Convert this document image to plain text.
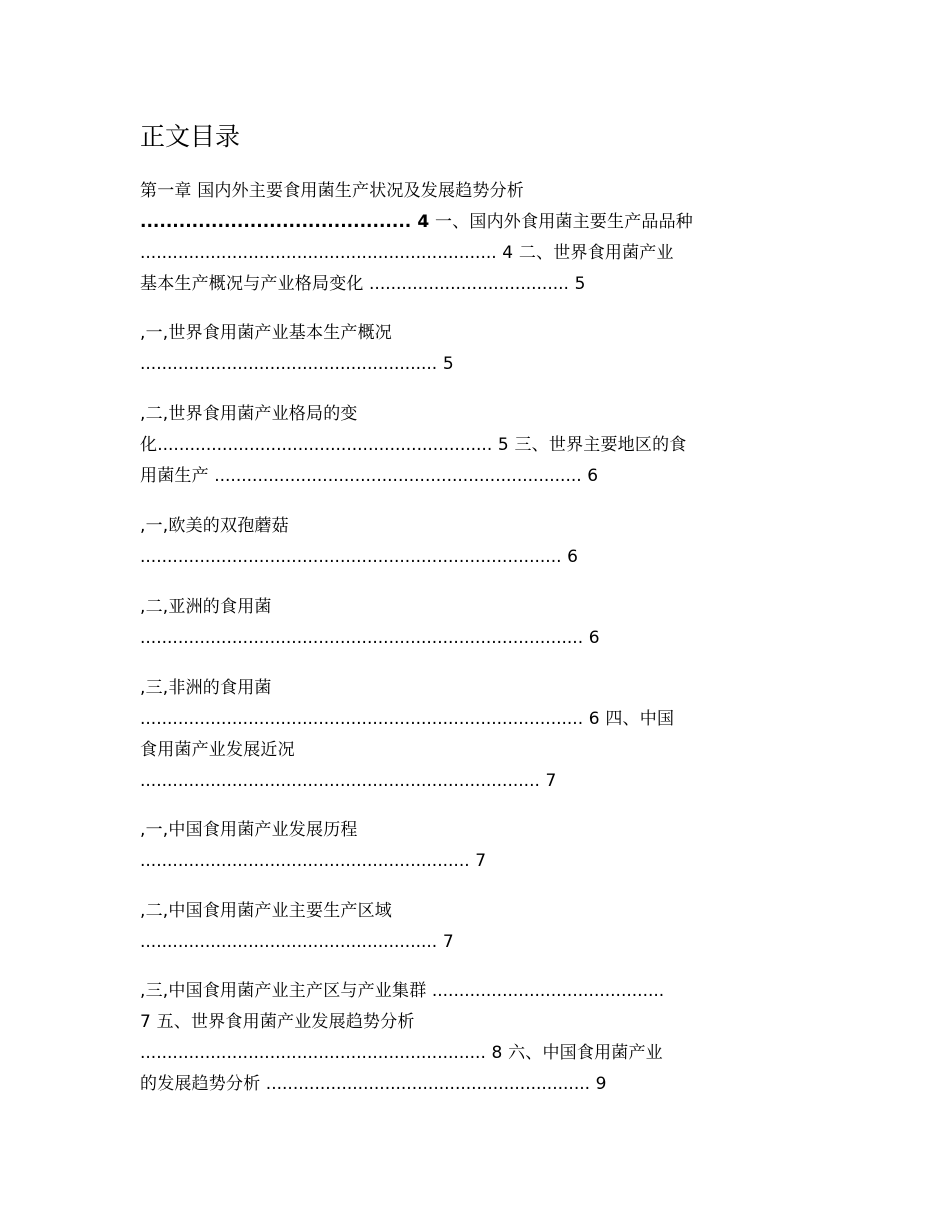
正文目录
第一章 国内外主要食用菌生产状况及发展趋势分析
.......................................... 4 一、国内外食用菌主要生产品品种
.................................................................. 4 二、世界食用菌产业
基本生产概况与产业格局变化 ..................................... 5
,一,世界食用菌产业基本生产概况
....................................................... 5
,二,世界食用菌产业格局的变
化.............................................................. 5 三、世界主要地区的食
用菌生产 .................................................................... 6
,一,欧美的双孢蘑菇
.............................................................................. 6
,二,亚洲的食用菌
.................................................................................. 6
,三,非洲的食用菌
.................................................................................. 6 四、中国
食用菌产业发展近况
.......................................................................... 7
,一,中国食用菌产业发展历程
............................................................. 7
,二,中国食用菌产业主要生产区域
....................................................... 7
,三,中国食用菌产业主产区与产业集群 ...........................................
7 五、世界食用菌产业发展趋势分析
................................................................ 8 六、中国食用菌产业
的发展趋势分析 ............................................................ 9
